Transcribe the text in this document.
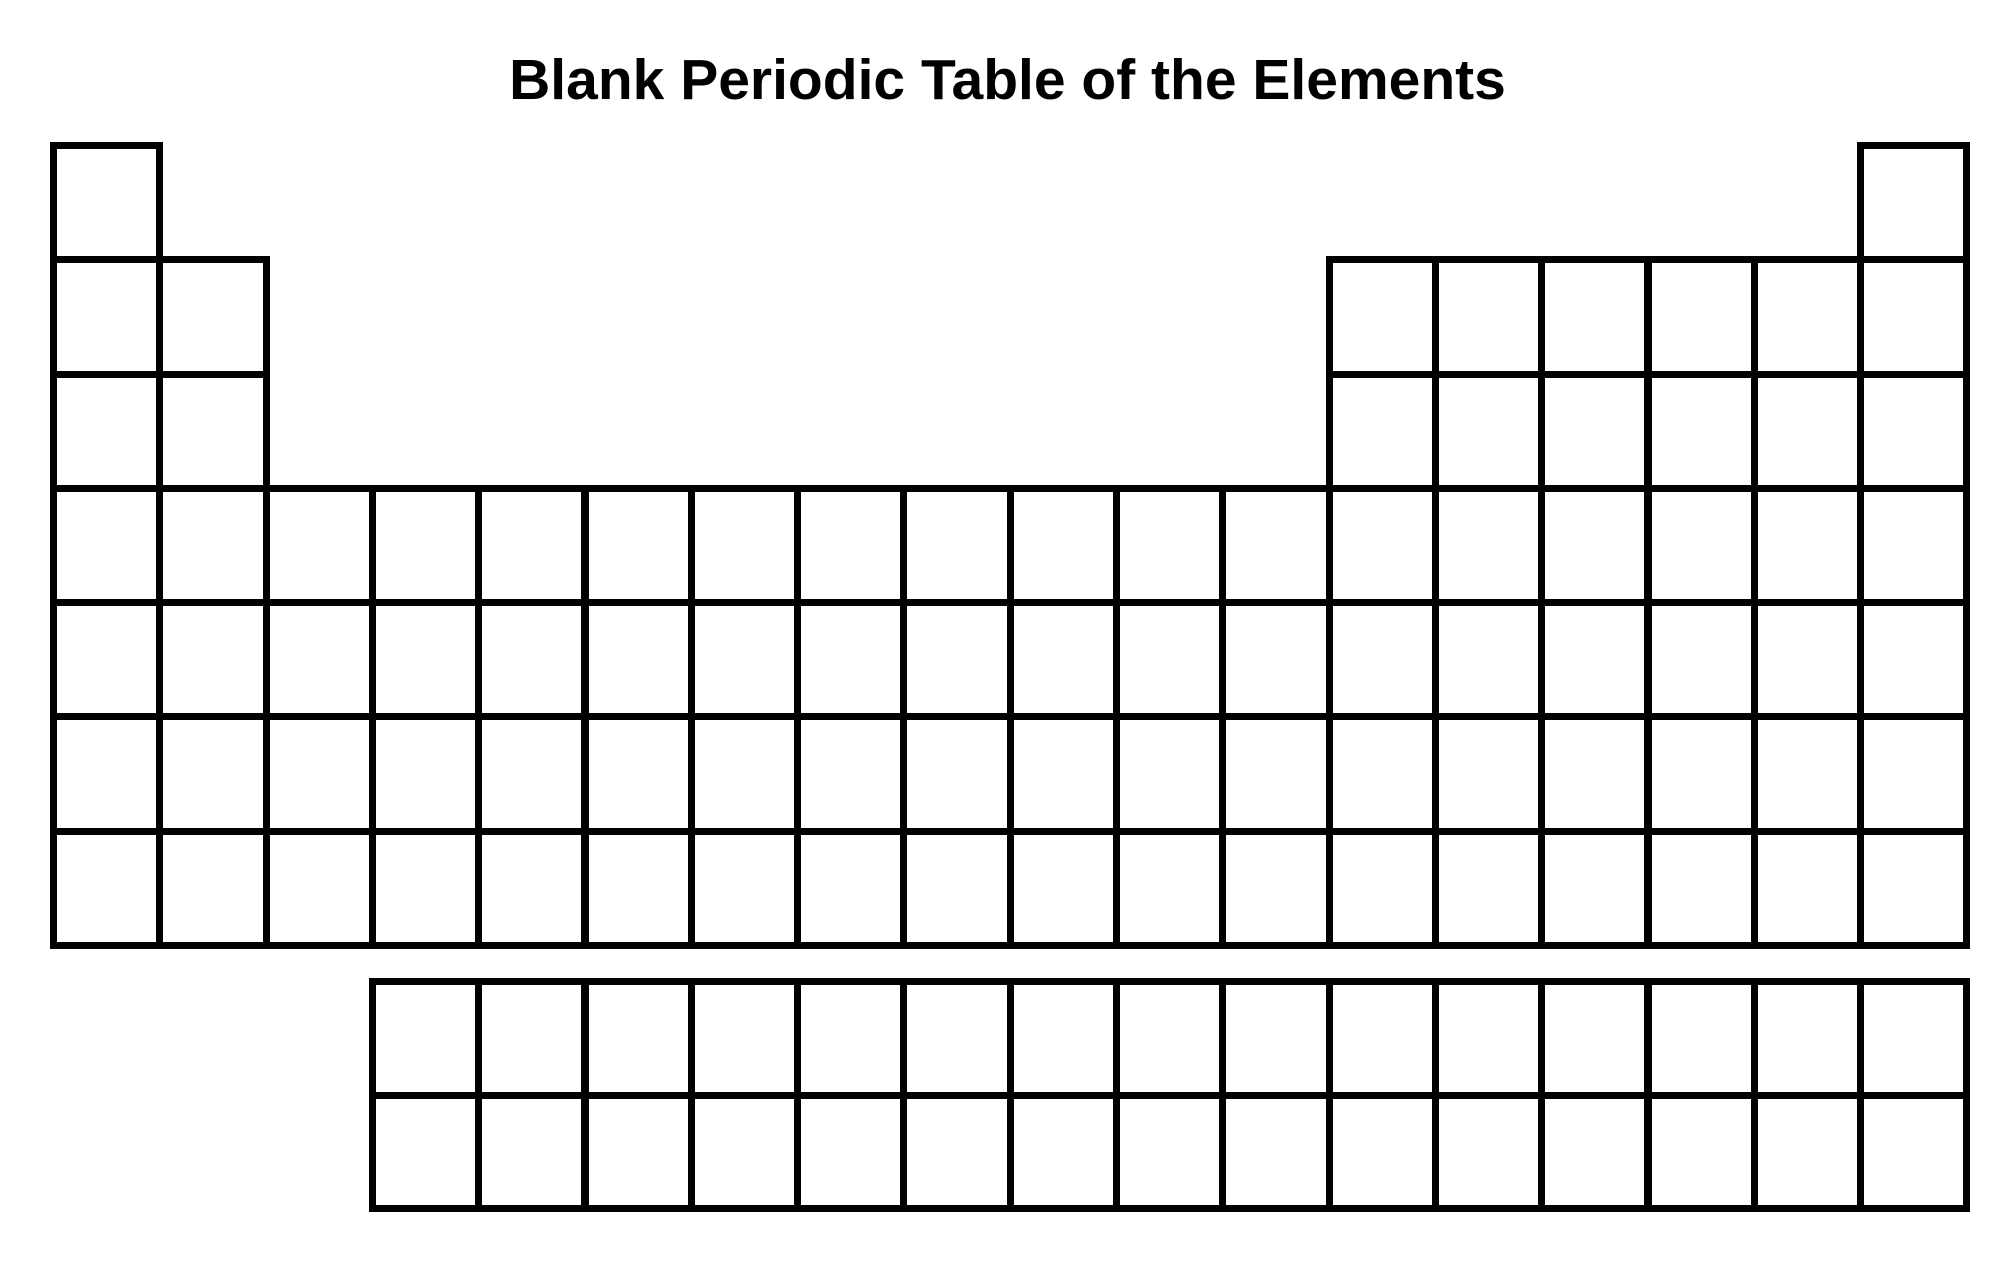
Blank Periodic Table of the Elements
